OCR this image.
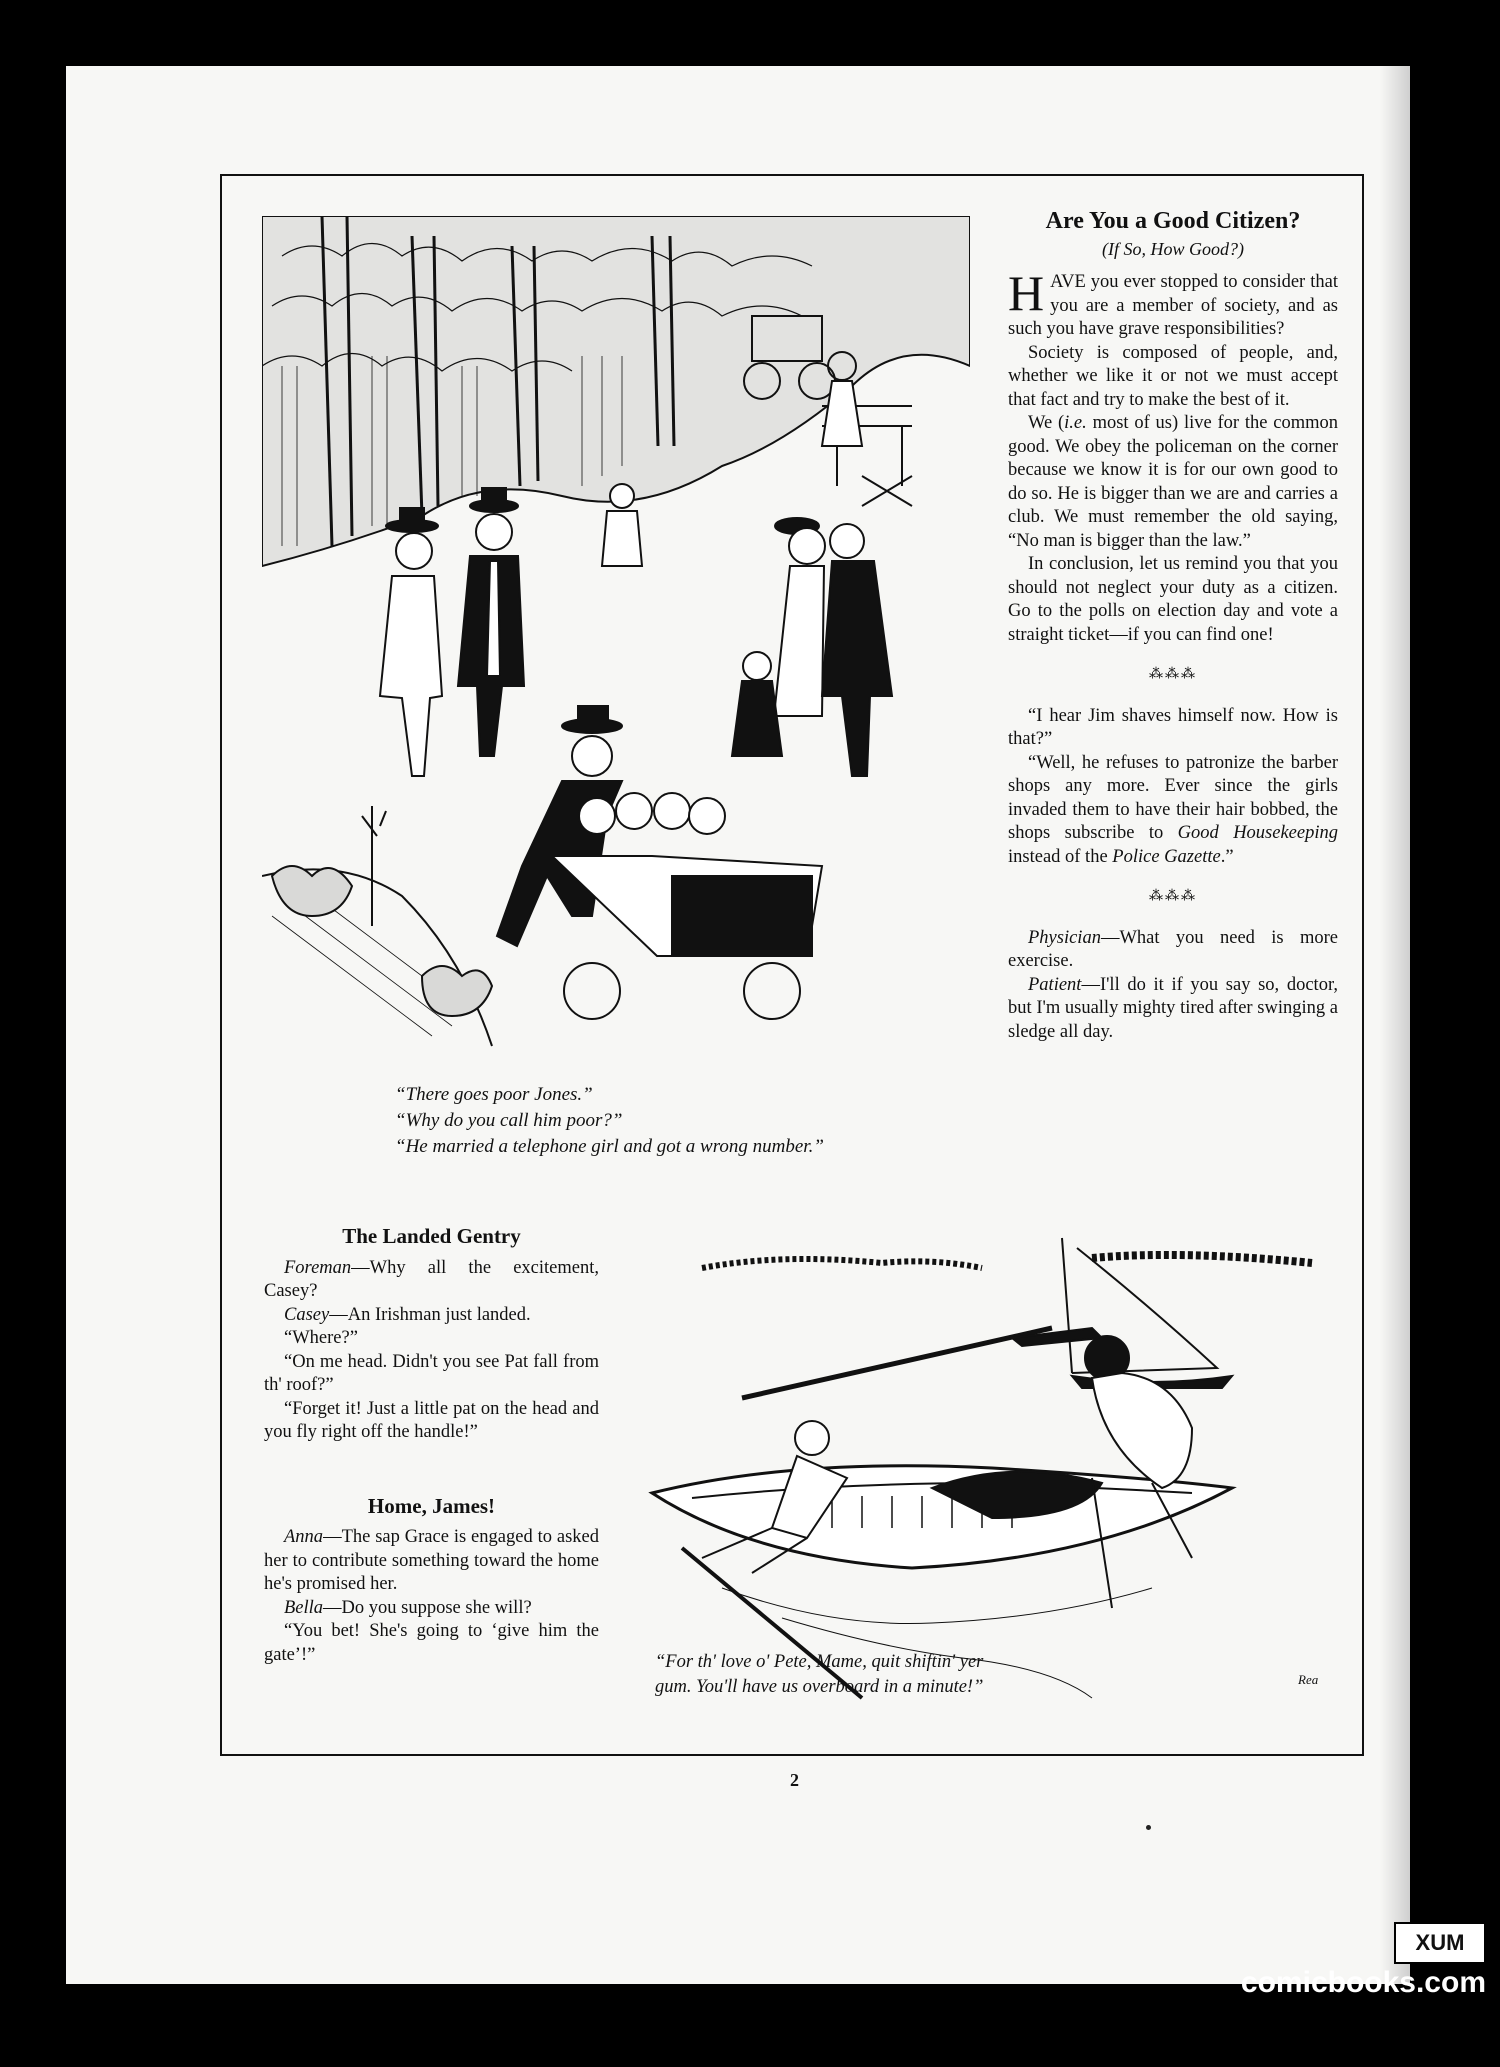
“There goes poor Jones.”

“Why do you call him poor?”

“He married a telephone girl and got a wrong number.”

Are You a Good Citizen?
(If So, How Good?)

HAVE you ever stopped to consider that you are a member of society, and as such you have grave responsibilities?

Society is composed of people, and, whether we like it or not we must accept that fact and try to make the best of it.

We (i.e. most of us) live for the common good. We obey the policeman on the corner because we know it is for our own good to do so. He is bigger than we are and carries a club. We must remember the old saying, “No man is bigger than the law.”

In conclusion, let us remind you that you should not neglect your duty as a citizen. Go to the polls on election day and vote a straight ticket—if you can find one!

⁂⁂⁂

“I hear Jim shaves himself now. How is that?”

“Well, he refuses to patronize the barber shops any more. Ever since the girls invaded them to have their hair bobbed, the shops subscribe to Good Housekeeping instead of the Police Gazette.”

⁂⁂⁂

Physician—What you need is more exercise.

Patient—I'll do it if you say so, doctor, but I'm usually mighty tired after swinging a sledge all day.

The Landed Gentry

Foreman—Why all the excitement, Casey?

Casey—An Irishman just landed.

“Where?”

“On me head. Didn't you see Pat fall from th' roof?”

“Forget it! Just a little pat on the head and you fly right off the handle!”

Home, James!

Anna—The sap Grace is engaged to asked her to contribute something toward the home he's promised her.

Bella—Do you suppose she will?

“You bet! She's going to ‘give him the gate’!”

Rea

“For th' love o' Pete, Mame, quit shiftin' yer gum. You'll have us overboard in a minute!”

2
XUM
comicbooks.com
